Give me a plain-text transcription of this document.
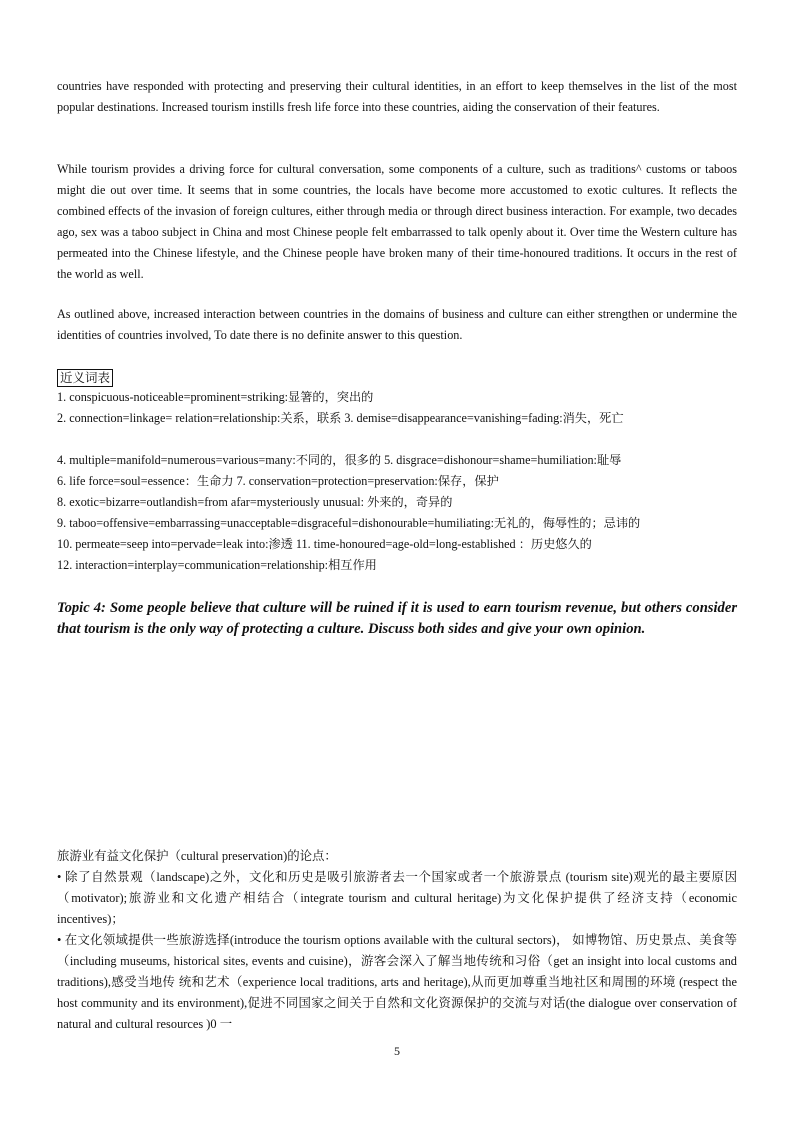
countries have responded with protecting and preserving their cultural identities, in an effort to keep themselves in the list of the most popular destinations. Increased tourism instills fresh life force into these countries, aiding the conservation of their features.

While tourism provides a driving force for cultural conversation, some components of a culture, such as traditions^ customs or taboos might die out over time. It seems that in some countries, the locals have become more accustomed to exotic cultures. It reflects the combined effects of the invasion of foreign cultures, either through media or through direct business interaction. For example, two decades ago, sex was a taboo subject in China and most Chinese people felt embarrassed to talk openly about it. Over time the Western culture has permeated into the Chinese lifestyle, and the Chinese people have broken many of their time-honoured traditions. It occurs in the rest of the world as well.

As outlined above, increased interaction between countries in the domains of business and culture can either strengthen or undermine the identities of countries involved, To date there is no definite answer to this question.

近义词表
1. conspicuous-noticeable=prominent=striking:显箸的，突出的
2. connection=linkage= relation=relationship:关系，联系 3. demise=disappearance=vanishing=fading:消失，死亡
4. multiple=manifold=numerous=various=many:不同的，很多的 5. disgrace=dishonour=shame=humiliation:耻辱
6. life force=soul=essence：生命力 7. conservation=protection=preservation:保存，保护
8. exotic=bizarre=outlandish=from afar=mysteriously unusual: 外来的，奇异的
9. taboo=offensive=embarrassing=unacceptable=disgraceful=dishonourable=humiliating:无礼的，侮辱性的；忌讳的
10. permeate=seep into=pervade=leak into:渗透 11. time-honoured=age-old=long-established ：历史悠久的
12. interaction=interplay=communication=relationship:相互作用

Topic 4: Some people believe that culture will be ruined if it is used to earn tourism revenue, but others consider that tourism is the only way of protecting a culture. Discuss both sides and give your own opinion.

旅游业有益文化保护（cultural preservation)的论点：

• 除了自然景观（landscape)之外，文化和历史是吸引旅游者去一个国家或者一个旅游景点 (tourism site)观光的最主要原因（motivator);旅游业和文化遗产相结合（integrate tourism and cultural heritage)为文化保护提供了经济支持（economic incentives)；

• 在文化领域提供一些旅游选择(introduce the tourism options available with the cultural sectors)， 如博物馆、历史景点、美食等（including museums, historical sites, events and cuisine)，游客会深入了解当地传统和习俗（get an insight into local customs and traditions),感受当地传 统和艺术（experience local traditions, arts and heritage),从而更加尊重当地社区和周围的环境 (respect the host community and its environment),促进不同国家之间关于自然和文化资源保护的交流与对话(the dialogue over conservation of natural and cultural resources )0 一

5
